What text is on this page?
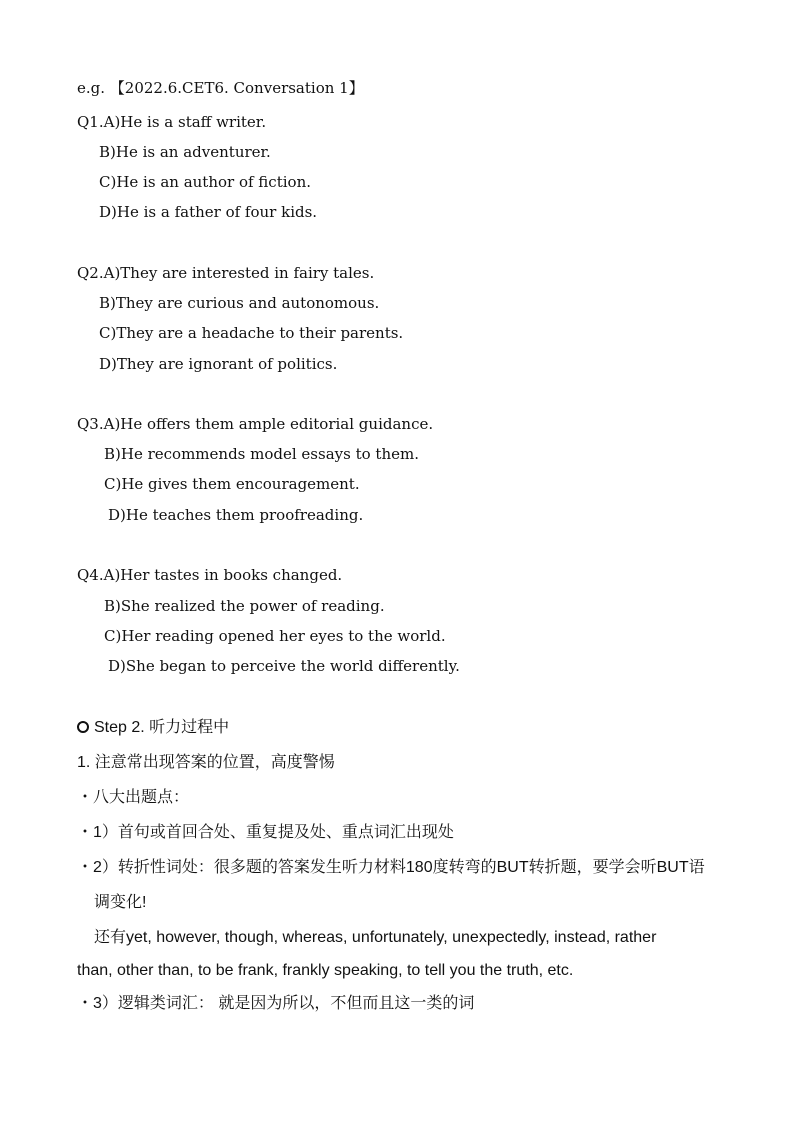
e.g. 【2022.6.CET6. Conversation 1】
Q1.A)He is a staff writer.
B)He is an adventurer.
C)He is an author of fiction.
D)He is a father of four kids.
Q2.A)They are interested in fairy tales.
B)They are curious and autonomous.
C)They are a headache to their parents.
D)They are ignorant of politics.
Q3.A)He offers them ample editorial guidance.
B)He recommends model essays to them.
C)He gives them encouragement.
D)He teaches them proofreading.
Q4.A)Her tastes in books changed.
B)She realized the power of reading.
C)Her reading opened her eyes to the world.
D)She began to perceive the world differently.
Step 2. 听力过程中
1. 注意常出现答案的位置，高度警惕
・八大出题点：
・1）首句或首回合处、重复提及处、重点词汇出现处
・2）转折性词处：很多题的答案发生听力材料180度转弯的BUT转折题，要学会听BUT语
调变化!
还有yet, however, though, whereas, unfortunately, unexpectedly, instead, rather
than, other than, to be frank, frankly speaking, to tell you the truth, etc.
・3）逻辑类词汇： 就是因为所以，不但而且这一类的词
